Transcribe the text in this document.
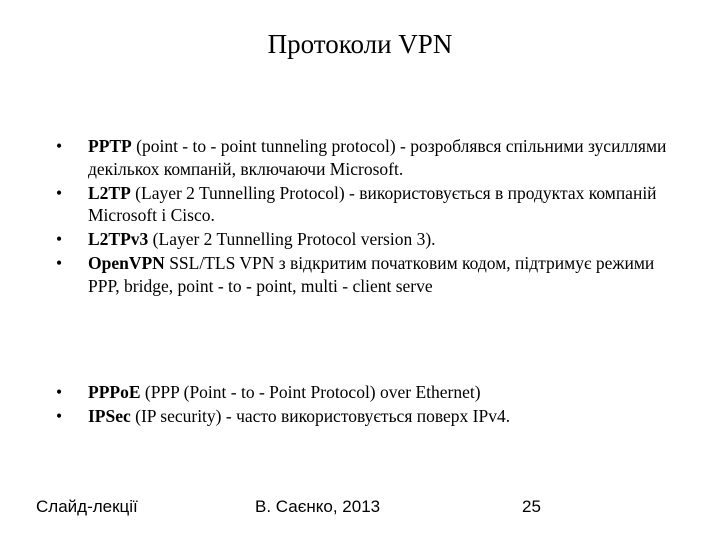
Протоколи VPN
•	PPTP (point - to - point tunneling protocol) - розроблявся спільними зусиллями декількох компаній, включаючи Microsoft.
•	L2TP (Layer 2 Tunnelling Protocol) - використовується в продуктах компаній Microsoft і Cisco.
•	L2TPv3 (Layer 2 Tunnelling Protocol version 3).
•	OpenVPN SSL/TLS VPN з відкритим початковим кодом, підтримує режими PPP, bridge, point - to - point, multi - client serve
•	PPPoE (PPP (Point - to - Point Protocol) over Ethernet)
•	IPSec (IP security) - часто використовується поверх IPv4.
Слайд-лекції	В. Саєнко, 2013	25
